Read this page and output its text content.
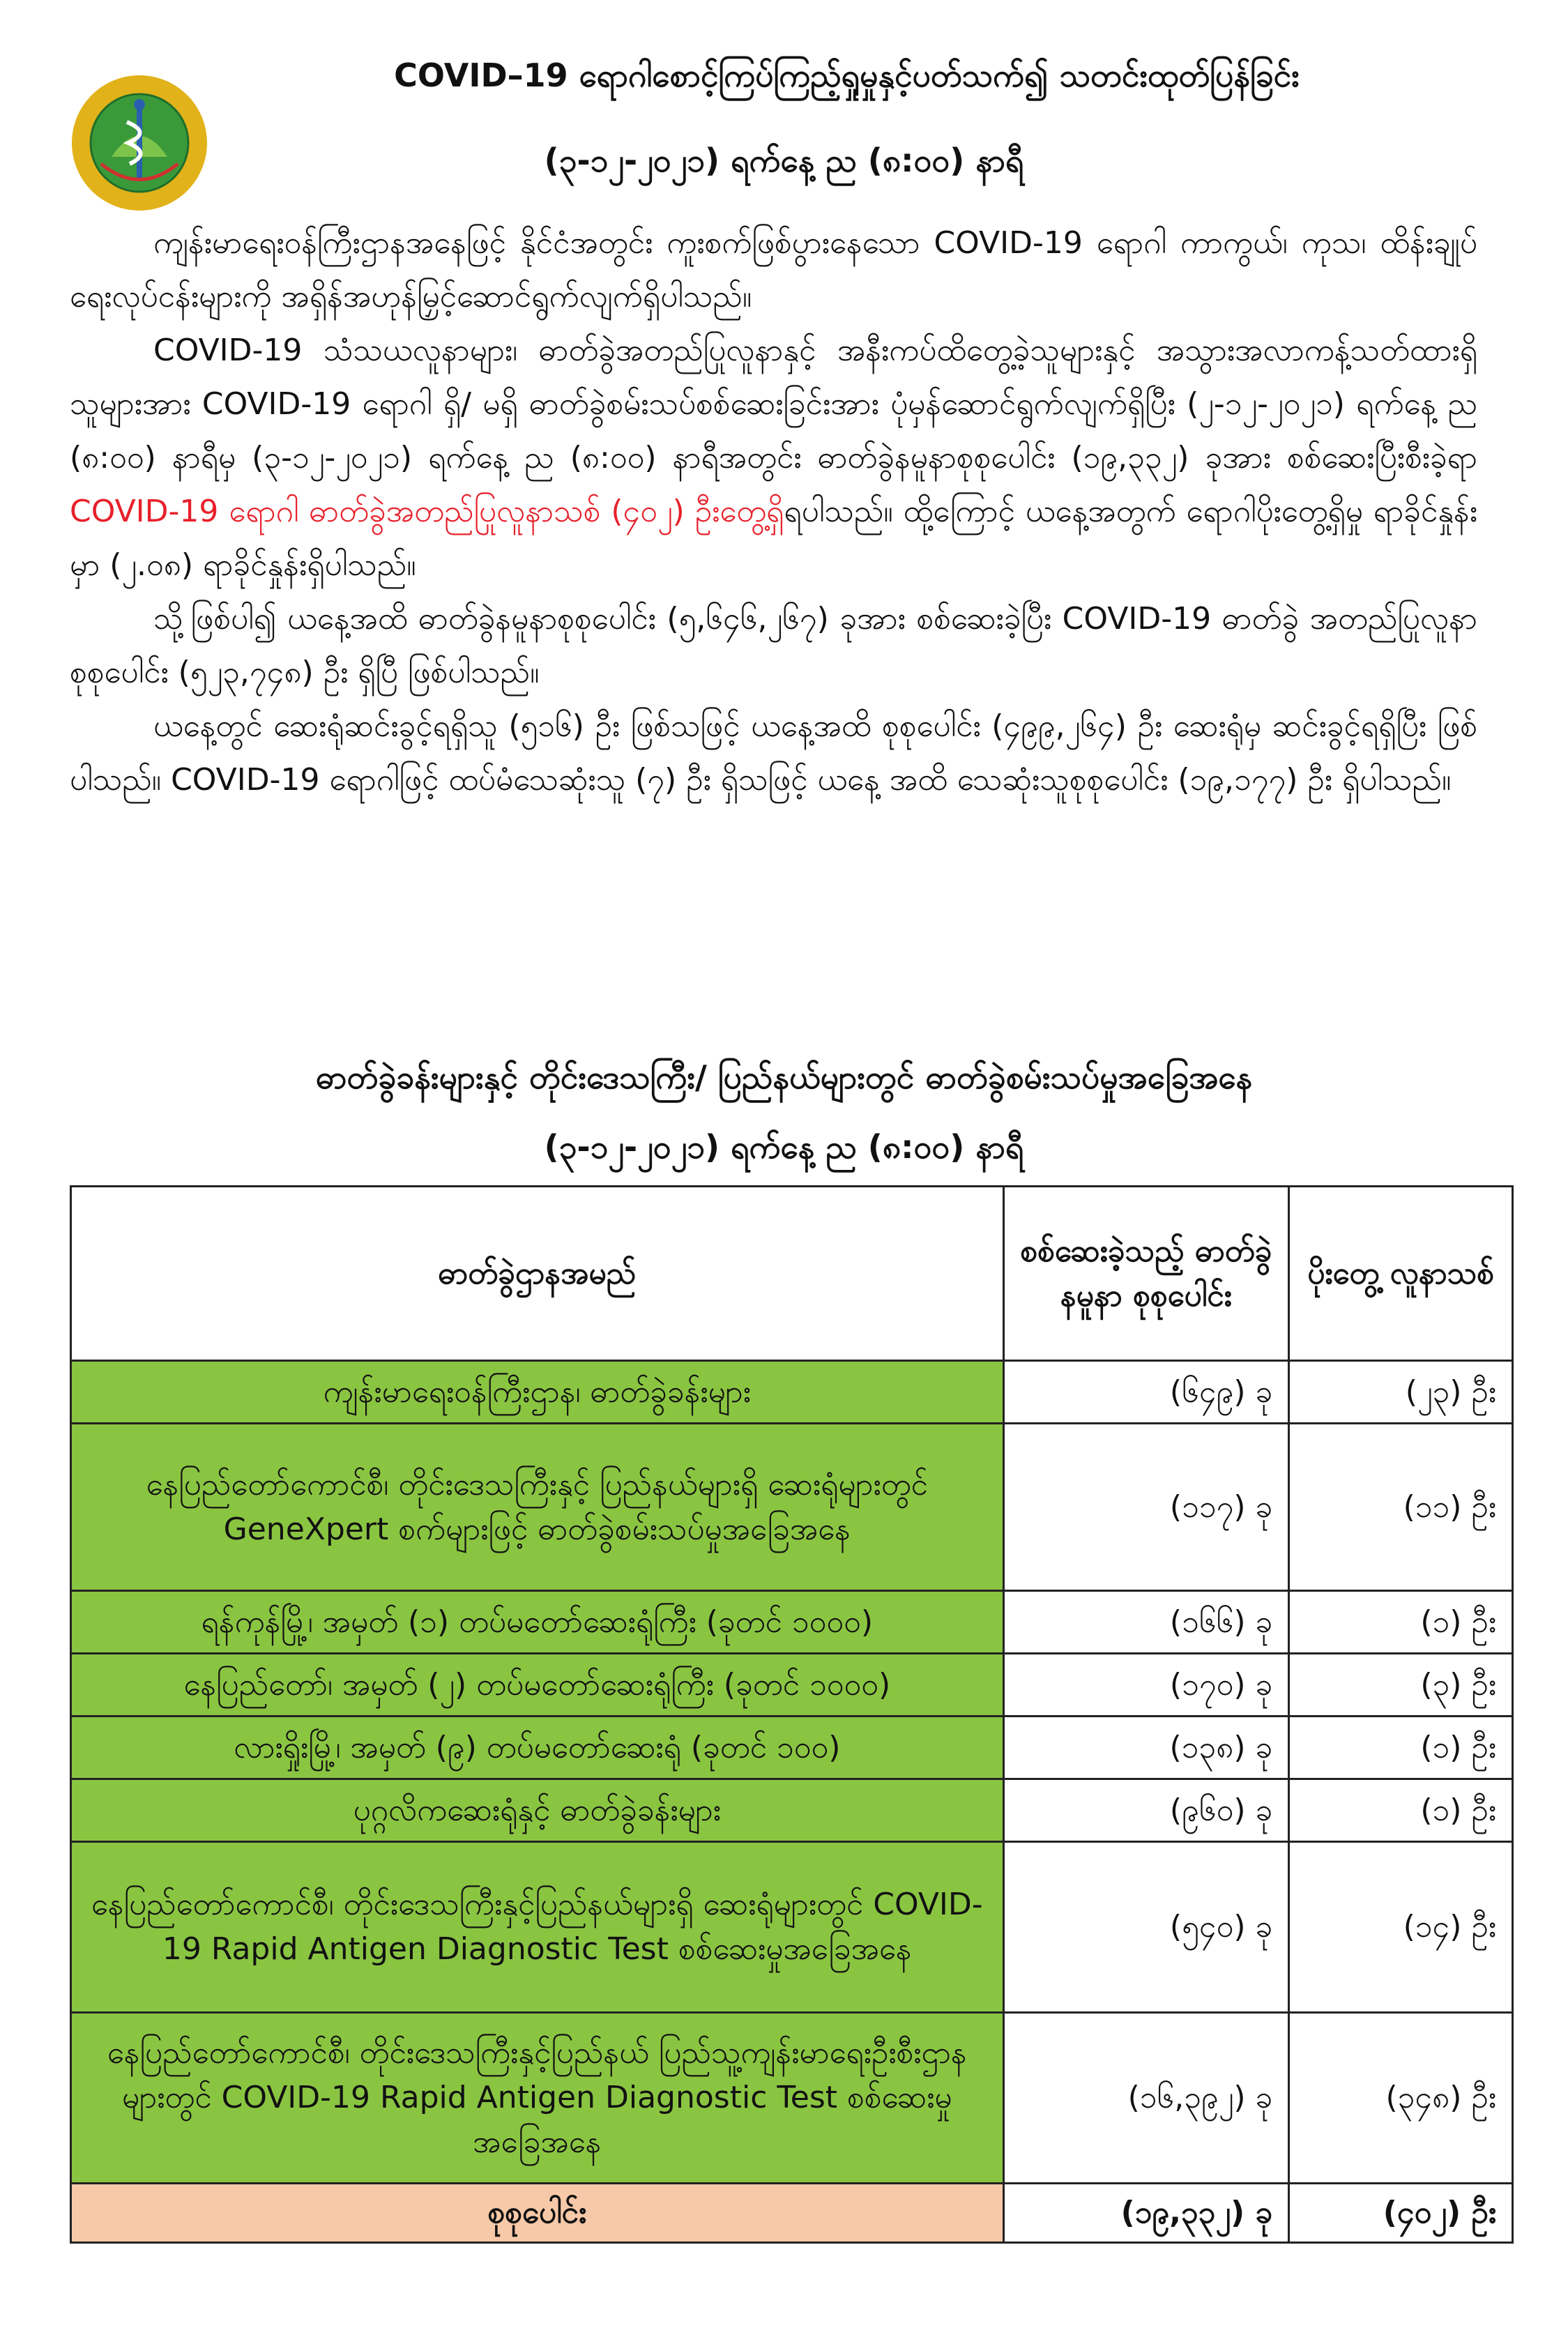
COVID–19 ရောဂါစောင့်ကြပ်ကြည့်ရှုမှုနှင့်ပတ်သက်၍ သတင်းထုတ်ပြန်ခြင်း
(၃-၁၂-၂၀၂၁) ရက်နေ့ ည (၈:၀၀) နာရီ

ကျန်းမာရေးဝန်ကြီးဌာနအနေဖြင့် နိုင်ငံအတွင်း ကူးစက်ဖြစ်ပွားနေသော COVID-19 ရောဂါ ကာကွယ်၊ ကုသ၊ ထိန်းချုပ်ရေးလုပ်ငန်းများကို အရှိန်အဟုန်မြှင့်ဆောင်ရွက်လျက်ရှိပါသည်။

COVID-19 သံသယလူနာများ၊ ဓာတ်ခွဲအတည်ပြုလူနာနှင့် အနီးကပ်ထိတွေ့ခဲ့သူများနှင့် အသွားအလာကန့်သတ်ထားရှိသူများအား COVID-19 ရောဂါ ရှိ/ မရှိ ဓာတ်ခွဲစမ်းသပ်စစ်ဆေးခြင်းအား ပုံမှန်ဆောင်ရွက်လျက်ရှိပြီး (၂-၁၂-၂၀၂၁) ရက်နေ့ ည (၈:၀၀) နာရီမှ (၃-၁၂-၂၀၂၁) ရက်နေ့ ည (၈:၀၀) နာရီအတွင်း ဓာတ်ခွဲနမူနာစုစုပေါင်း (၁၉,၃၃၂) ခုအား စစ်ဆေးပြီးစီးခဲ့ရာ COVID-19 ရောဂါ ဓာတ်ခွဲအတည်ပြုလူနာသစ် (၄၀၂) ဦးတွေ့ရှိရပါသည်။ ထို့ကြောင့် ယနေ့အတွက် ရောဂါပိုးတွေ့ရှိမှု ရာခိုင်နှုန်းမှာ (၂.၀၈) ရာခိုင်နှုန်းရှိပါသည်။

သို့ဖြစ်ပါ၍ ယနေ့အထိ ဓာတ်ခွဲနမူနာစုစုပေါင်း (၅,၆၄၆,၂၆၇) ခုအား စစ်ဆေးခဲ့ပြီး COVID-19 ဓာတ်ခွဲ အတည်ပြုလူနာ စုစုပေါင်း (၅၂၃,၇၄၈) ဦး ရှိပြီ ဖြစ်ပါသည်။

ယနေ့တွင် ဆေးရုံဆင်းခွင့်ရရှိသူ (၅၁၆) ဦး ဖြစ်သဖြင့် ယနေ့အထိ စုစုပေါင်း (၄၉၉,၂၆၄) ဦး ဆေးရုံမှ ဆင်းခွင့်ရရှိပြီး ဖြစ်ပါသည်။ COVID-19 ရောဂါဖြင့် ထပ်မံသေဆုံးသူ (၇) ဦး ရှိသဖြင့် ယနေ့ အထိ သေဆုံးသူစုစုပေါင်း (၁၉,၁၇၇) ဦး ရှိပါသည်။

ဓာတ်ခွဲခန်းများနှင့် တိုင်းဒေသကြီး/ ပြည်နယ်များတွင် ဓာတ်ခွဲစမ်းသပ်မှုအခြေအနေ
(၃-၁၂-၂၀၂၁) ရက်နေ့ ည (၈:၀၀) နာရီ
ဓာတ်ခွဲဌာနအမည်	စစ်ဆေးခဲ့သည့် ဓာတ်ခွဲနမူနာ စုစုပေါင်း	ပိုးတွေ့ လူနာသစ်
ကျန်းမာရေးဝန်ကြီးဌာန၊ ဓာတ်ခွဲခန်းများ	(၆၄၉) ခု	(၂၃) ဦး
နေပြည်တော်ကောင်စီ၊ တိုင်းဒေသကြီးနှင့် ပြည်နယ်များရှိ ဆေးရုံများတွင် GeneXpert စက်များဖြင့် ဓာတ်ခွဲစမ်းသပ်မှုအခြေအနေ	(၁၁၇) ခု	(၁၁) ဦး
ရန်ကုန်မြို့၊ အမှတ် (၁) တပ်မတော်ဆေးရုံကြီး (ခုတင် ၁၀၀၀)	(၁၆၆) ခု	(၁) ဦး
နေပြည်တော်၊ အမှတ် (၂) တပ်မတော်ဆေးရုံကြီး (ခုတင် ၁၀၀၀)	(၁၇၀) ခု	(၃) ဦး
လားရှိုးမြို့၊ အမှတ် (၉) တပ်မတော်ဆေးရုံ (ခုတင် ၁၀၀)	(၁၃၈) ခု	(၁) ဦး
ပုဂ္ဂလိကဆေးရုံနှင့် ဓာတ်ခွဲခန်းများ	(၉၆၀) ခု	(၁) ဦး
နေပြည်တော်ကောင်စီ၊ တိုင်းဒေသကြီးနှင့်ပြည်နယ်များရှိ ဆေးရုံများတွင် COVID-19 Rapid Antigen Diagnostic Test စစ်ဆေးမှုအခြေအနေ	(၅၄၀) ခု	(၁၄) ဦး
နေပြည်တော်ကောင်စီ၊ တိုင်းဒေသကြီးနှင့်ပြည်နယ် ပြည်သူ့ကျန်းမာရေးဦးစီးဌာနများတွင် COVID-19 Rapid Antigen Diagnostic Test စစ်ဆေးမှုအခြေအနေ	(၁၆,၃၉၂) ခု	(၃၄၈) ဦး
စုစုပေါင်း	(၁၉,၃၃၂) ခု	(၄၀၂) ဦး
